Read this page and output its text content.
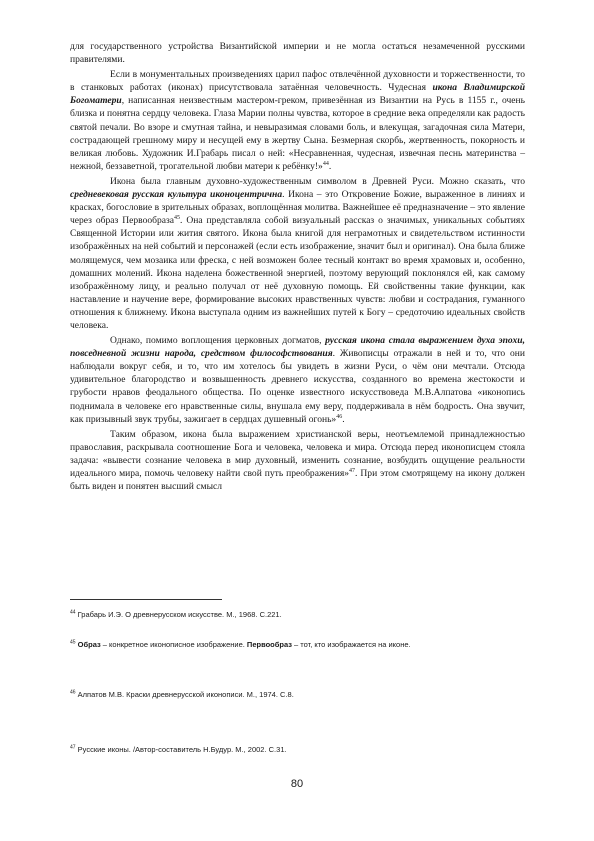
для государственного устройства Византийской империи и не могла остаться незамеченной русскими правителями.

Если в монументальных произведениях царил пафос отвлечённой духовности и торжественности, то в станковых работах (иконах) присутствовала затаённая человечность. Чудесная икона Владимирской Богоматери, написанная неизвестным мастером-греком, привезённая из Византии на Русь в 1155 г., очень близка и понятна сердцу человека. Глаза Марии полны чувства, которое в средние века определяли как радость святой печали. Во взоре и смутная тайна, и невыразимая словами боль, и влекущая, загадочная сила Матери, сострадающей грешному миру и несущей ему в жертву Сына. Безмерная скорбь, жертвенность, покорность и великая любовь. Художник И.Грабарь писал о ней: «Несравненная, чудесная, извечная песнь материнства – нежной, беззаветной, трогательной любви матери к ребёнку!»$^{44}$.

Икона была главным духовно-художественным символом в Древней Руси. Можно сказать, что средневековая русская культура иконоцентрична. Икона – это Откровение Божие, выраженное в линиях и красках, богословие в зрительных образах, воплощённая молитва. Важнейшее её предназначение – это явление через образ Первообраза$^{45}$. Она представляла собой визуальный рассказ о значимых, уникальных событиях Священной Истории или жития святого. Икона была книгой для неграмотных и свидетельством истинности изображённых на ней событий и персонажей (если есть изображение, значит был и оригинал). Она была ближе молящемуся, чем мозаика или фреска, с ней возможен более тесный контакт во время храмовых и, особенно, домашних молений. Икона наделена божественной энергией, поэтому верующий поклонялся ей, как самому изображённому лицу, и реально получал от неё духовную помощь. Ей свойственны такие функции, как наставление и научение вере, формирование высоких нравственных чувств: любви и сострадания, гуманного отношения к ближнему. Икона выступала одним из важнейших путей к Богу – средоточию идеальных свойств человека.

Однако, помимо воплощения церковных догматов, русская икона стала выражением духа эпохи, повседневной жизни народа, средством философствования. Живописцы отражали в ней и то, что они наблюдали вокруг себя, и то, что им хотелось бы увидеть в жизни Руси, о чём они мечтали. Отсюда удивительное благородство и возвышенность древнего искусства, созданного во времена жестокости и грубости нравов феодального общества. По оценке известного искусствоведа М.В.Алпатова «иконопись поднимала в человеке его нравственные силы, внушала ему веру, поддерживала в нём бодрость. Она звучит, как призывный звук трубы, зажигает в сердцах душевный огонь»$^{46}$.

Таким образом, икона была выражением христианской веры, неотъемлемой принадлежностью православия, раскрывала соотношение Бога и человека, человека и мира. Отсюда перед иконописцем стояла задача: «вывести сознание человека в мир духовный, изменить сознание, возбудить ощущение реальности идеального мира, помочь человеку найти свой путь преображения»$^{47}$. При этом смотрящему на икону должен быть виден и понятен высший смысл

$^{44}$ Грабарь И.Э. О древнерусском искусстве. М., 1968. С.221.
$^{45}$ Образ – конкретное иконописное изображение. Первообраз – тот, кто изображается на иконе.
$^{46}$ Алпатов М.В. Краски древнерусской иконописи. М., 1974. С.8.
$^{47}$ Русские иконы. /Автор-составитель Н.Будур. М., 2002. С.31.
80
